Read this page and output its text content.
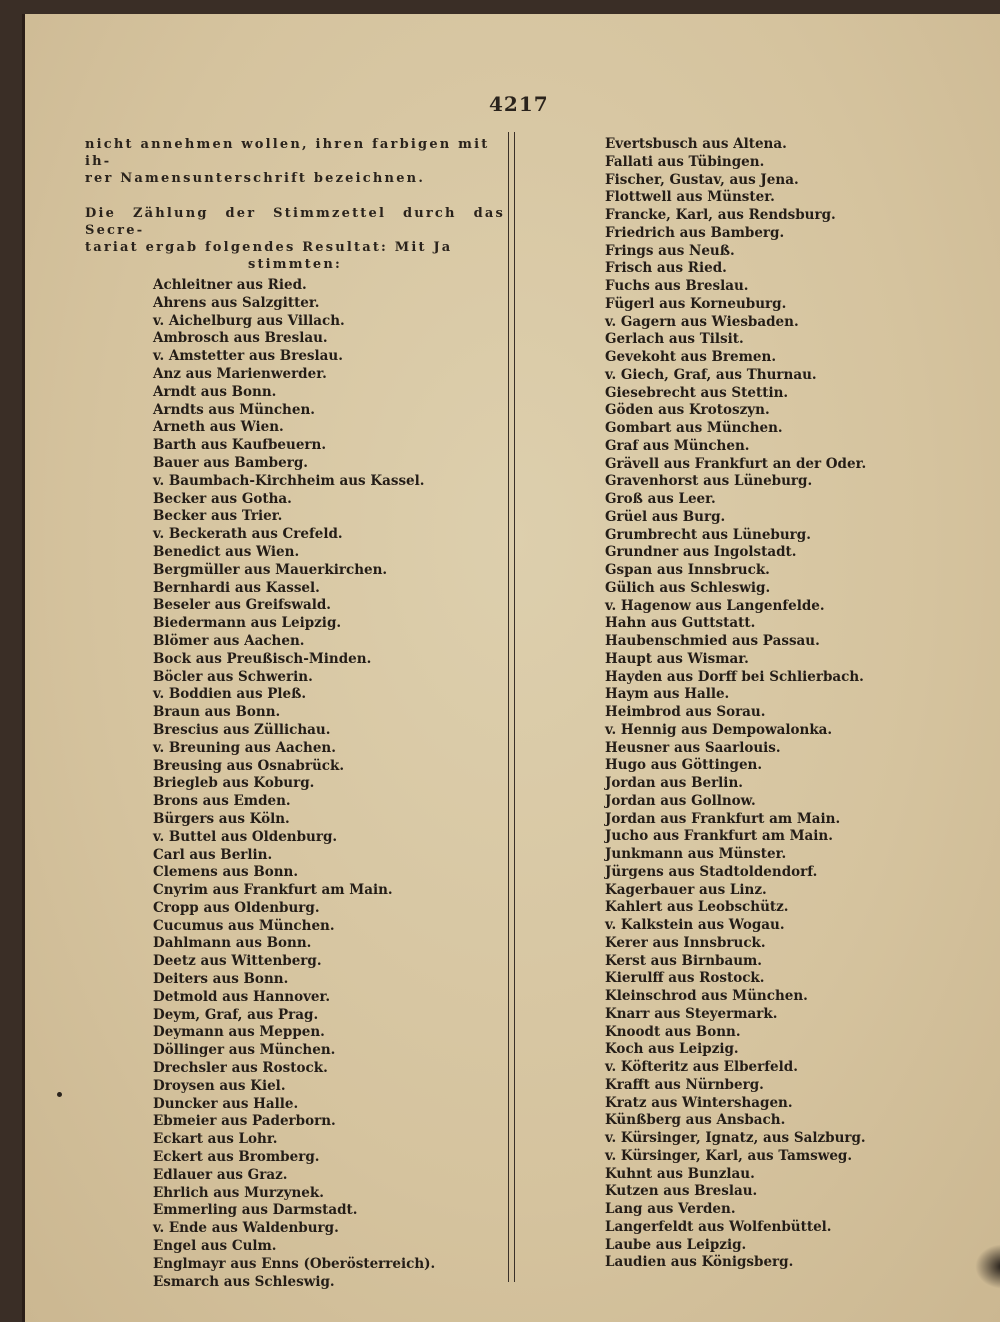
4217
nicht annehmen wollen, ihren farbigen mit ih-
rer Namensunterschrift bezeichnen.
Die Zählung der Stimmzettel durch das Secre-
tariat ergab folgendes Resultat: Mit Ja
stimmten:
Achleitner aus Ried.
Ahrens aus Salzgitter.
v. Aichelburg aus Villach.
Ambrosch aus Breslau.
v. Amstetter aus Breslau.
Anz aus Marienwerder.
Arndt aus Bonn.
Arndts aus München.
Arneth aus Wien.
Barth aus Kaufbeuern.
Bauer aus Bamberg.
v. Baumbach-Kirchheim aus Kassel.
Becker aus Gotha.
Becker aus Trier.
v. Beckerath aus Crefeld.
Benedict aus Wien.
Bergmüller aus Mauerkirchen.
Bernhardi aus Kassel.
Beseler aus Greifswald.
Biedermann aus Leipzig.
Blömer aus Aachen.
Bock aus Preußisch-Minden.
Böcler aus Schwerin.
v. Boddien aus Pleß.
Braun aus Bonn.
Brescius aus Züllichau.
v. Breuning aus Aachen.
Breusing aus Osnabrück.
Briegleb aus Koburg.
Brons aus Emden.
Bürgers aus Köln.
v. Buttel aus Oldenburg.
Carl aus Berlin.
Clemens aus Bonn.
Cnyrim aus Frankfurt am Main.
Cropp aus Oldenburg.
Cucumus aus München.
Dahlmann aus Bonn.
Deetz aus Wittenberg.
Deiters aus Bonn.
Detmold aus Hannover.
Deym, Graf, aus Prag.
Deymann aus Meppen.
Döllinger aus München.
Drechsler aus Rostock.
Droysen aus Kiel.
Duncker aus Halle.
Ebmeier aus Paderborn.
Eckart aus Lohr.
Eckert aus Bromberg.
Edlauer aus Graz.
Ehrlich aus Murzynek.
Emmerling aus Darmstadt.
v. Ende aus Waldenburg.
Engel aus Culm.
Englmayr aus Enns (Oberösterreich).
Esmarch aus Schleswig.
Evertsbusch aus Altena.
Fallati aus Tübingen.
Fischer, Gustav, aus Jena.
Flottwell aus Münster.
Francke, Karl, aus Rendsburg.
Friedrich aus Bamberg.
Frings aus Neuß.
Frisch aus Ried.
Fuchs aus Breslau.
Fügerl aus Korneuburg.
v. Gagern aus Wiesbaden.
Gerlach aus Tilsit.
Gevekoht aus Bremen.
v. Giech, Graf, aus Thurnau.
Giesebrecht aus Stettin.
Göden aus Krotoszyn.
Gombart aus München.
Graf aus München.
Grävell aus Frankfurt an der Oder.
Gravenhorst aus Lüneburg.
Groß aus Leer.
Grüel aus Burg.
Grumbrecht aus Lüneburg.
Grundner aus Ingolstadt.
Gspan aus Innsbruck.
Gülich aus Schleswig.
v. Hagenow aus Langenfelde.
Hahn aus Guttstatt.
Haubenschmied aus Passau.
Haupt aus Wismar.
Hayden aus Dorff bei Schlierbach.
Haym aus Halle.
Heimbrod aus Sorau.
v. Hennig aus Dempowalonka.
Heusner aus Saarlouis.
Hugo aus Göttingen.
Jordan aus Berlin.
Jordan aus Gollnow.
Jordan aus Frankfurt am Main.
Jucho aus Frankfurt am Main.
Junkmann aus Münster.
Jürgens aus Stadtoldendorf.
Kagerbauer aus Linz.
Kahlert aus Leobschütz.
v. Kalkstein aus Wogau.
Kerer aus Innsbruck.
Kerst aus Birnbaum.
Kierulff aus Rostock.
Kleinschrod aus München.
Knarr aus Steyermark.
Knoodt aus Bonn.
Koch aus Leipzig.
v. Köfteritz aus Elberfeld.
Krafft aus Nürnberg.
Kratz aus Wintershagen.
Künßberg aus Ansbach.
v. Kürsinger, Ignatz, aus Salzburg.
v. Kürsinger, Karl, aus Tamsweg.
Kuhnt aus Bunzlau.
Kutzen aus Breslau.
Lang aus Verden.
Langerfeldt aus Wolfenbüttel.
Laube aus Leipzig.
Laudien aus Königsberg.
